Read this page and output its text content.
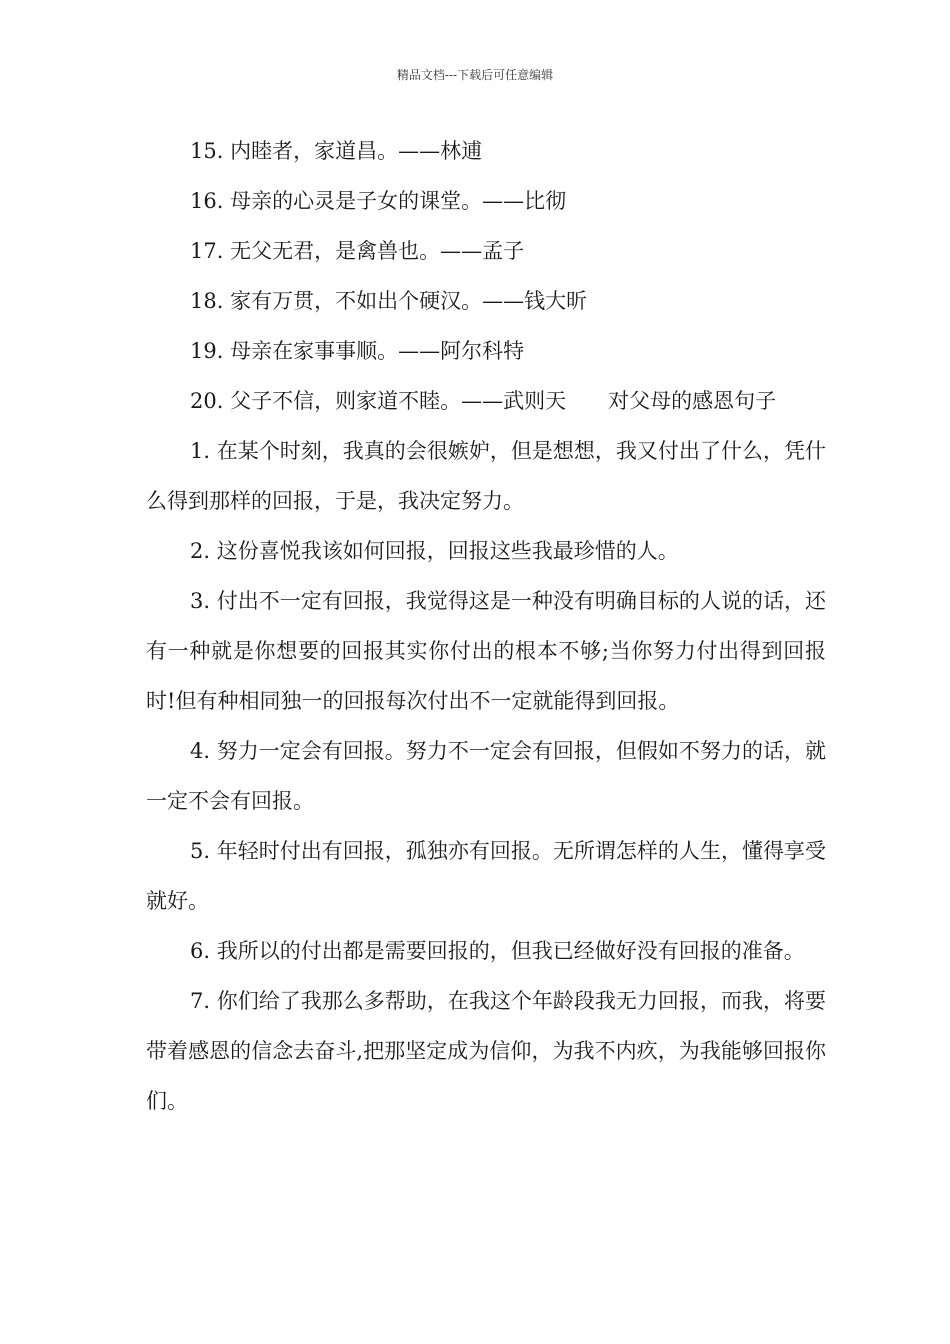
精品文档---下载后可任意编辑

15. 内睦者，家道昌。——林逋

16. 母亲的心灵是子女的课堂。——比彻

17. 无父无君，是禽兽也。——孟子

18. 家有万贯，不如出个硬汉。——钱大昕

19. 母亲在家事事顺。——阿尔科特

20. 父子不信，则家道不睦。——武则天　　对父母的感恩句子

1. 在某个时刻，我真的会很嫉妒，但是想想，我又付出了什么，凭什么得到那样的回报，于是，我决定努力。

2. 这份喜悦我该如何回报，回报这些我最珍惜的人。

3. 付出不一定有回报，我觉得这是一种没有明确目标的人说的话，还有一种就是你想要的回报其实你付出的根本不够;当你努力付出得到回报时!但有种相同独一的回报每次付出不一定就能得到回报。

4. 努力一定会有回报。努力不一定会有回报，但假如不努力的话，就一定不会有回报。

5. 年轻时付出有回报，孤独亦有回报。无所谓怎样的人生，懂得享受就好。

6. 我所以的付出都是需要回报的，但我已经做好没有回报的准备。

7. 你们给了我那么多帮助，在我这个年龄段我无力回报，而我，将要带着感恩的信念去奋斗,把那坚定成为信仰，为我不内疚，为我能够回报你们。
